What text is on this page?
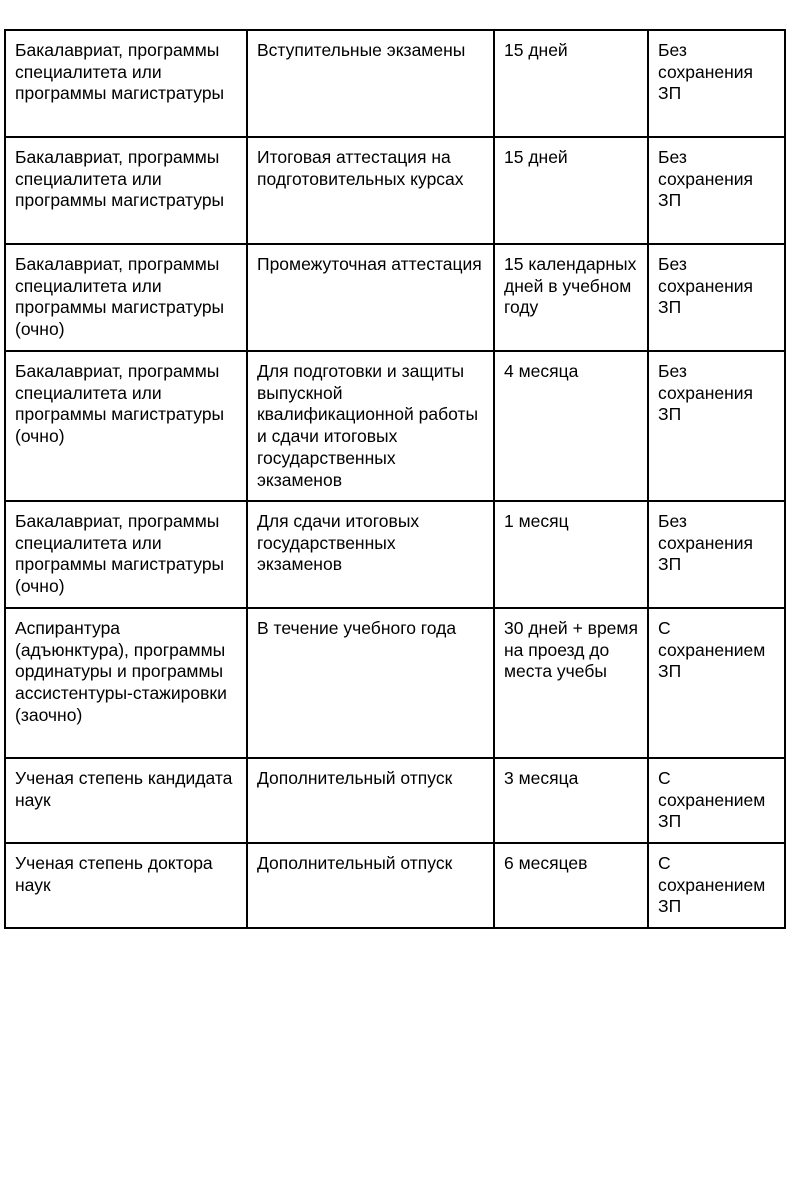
Бакалавриат, программы специалитета или программы магистратуры	Вступительные экзамены	15 дней	Без сохранения ЗП
Бакалавриат, программы специалитета или программы магистратуры	Итоговая аттестация на подготовительных курсах	15 дней	Без сохранения ЗП
Бакалавриат, программы специалитета или программы магистратуры (очно)	Промежуточная аттестация	15 календарных дней в учебном году	Без сохранения ЗП
Бакалавриат, программы специалитета или программы магистратуры (очно)	Для подготовки и защиты выпускной квалификационной работы и сдачи итоговых государственных экзаменов	4 месяца	Без сохранения ЗП
Бакалавриат, программы специалитета или программы магистратуры (очно)	Для сдачи итоговых государственных экзаменов	1 месяц	Без сохранения ЗП
Аспирантура (адъюнктура), программы ординатуры и программы ассистентуры-стажировки (заочно)	В течение учебного года	30 дней + время на проезд до места учебы	С сохранением ЗП
Ученая степень кандидата наук	Дополнительный отпуск	3 месяца	С сохранением ЗП
Ученая степень доктора наук	Дополнительный отпуск	6 месяцев	С сохранением ЗП
